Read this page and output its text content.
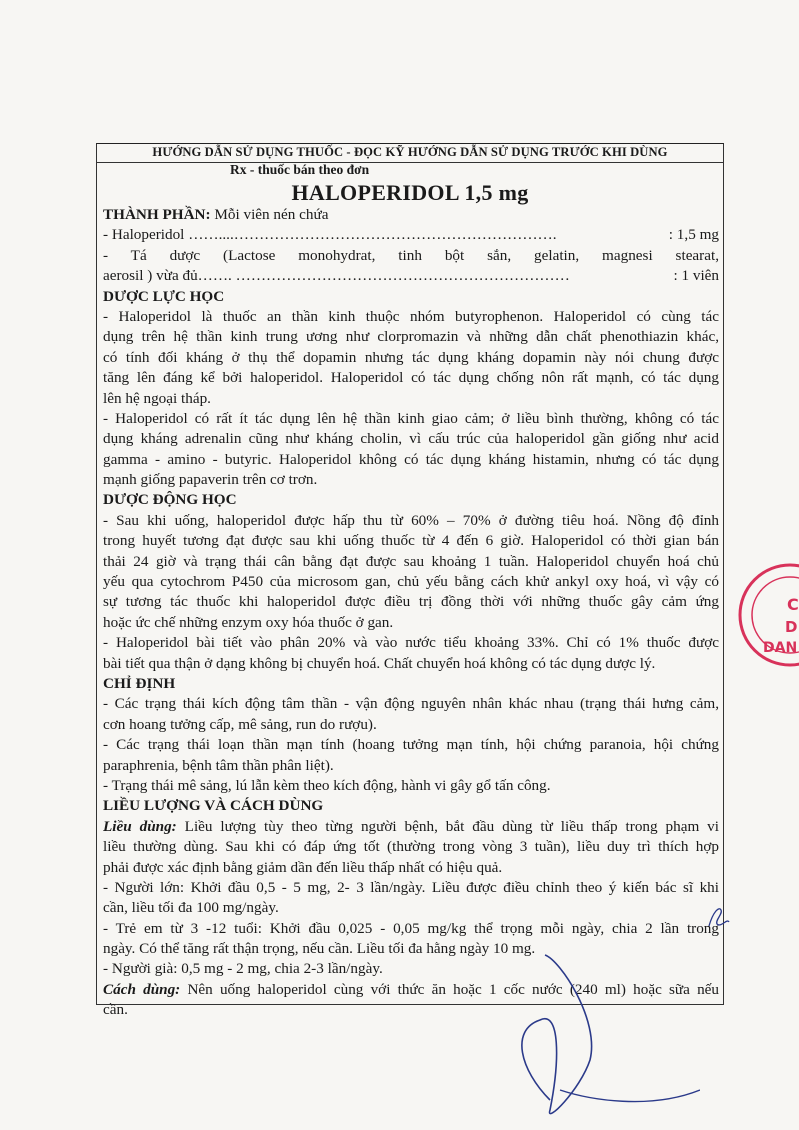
HƯỚNG DẪN SỬ DỤNG THUỐC - ĐỌC KỸ HƯỚNG DẪN SỬ DỤNG TRƯỚC KHI DÙNG
Rx - thuốc bán theo đơn
HALOPERIDOL 1,5 mg
THÀNH PHẦN: Mỗi viên nén chứa
- Haloperidol ……....……………………………………………………….	: 1,5 mg
- Tá dược (Lactose monohydrat, tinh bột sắn, gelatin, magnesi stearat,
aerosil ) vừa đủ……. …………………………………………………………	: 1 viên
DƯỢC LỰC HỌC
- Haloperidol là thuốc an thần kinh thuộc nhóm butyrophenon. Haloperidol có cùng tác
dụng trên hệ thần kinh trung ương như clorpromazin và những dẫn chất phenothiazin khác,
có tính đối kháng ở thụ thể dopamin nhưng tác dụng kháng dopamin này nói chung được
tăng lên đáng kể bởi haloperidol. Haloperidol có tác dụng chống nôn rất mạnh, có tác dụng
lên hệ ngoại tháp.
- Haloperidol có rất ít tác dụng lên hệ thần kinh giao cảm; ở liều bình thường, không có tác
dụng kháng adrenalin cũng như kháng cholin, vì cấu trúc của haloperidol gần giống như acid
gamma - amino - butyric. Haloperidol không có tác dụng kháng histamin, nhưng có tác dụng
mạnh giống papaverin trên cơ trơn.
DƯỢC ĐỘNG HỌC
- Sau khi uống, haloperidol được hấp thu từ 60% – 70% ở đường tiêu hoá. Nồng độ đỉnh
trong huyết tương đạt được sau khi uống thuốc từ 4 đến 6 giờ. Haloperidol có thời gian bán
thải 24 giờ và trạng thái cân bằng đạt được sau khoảng 1 tuần. Haloperidol chuyển hoá chủ
yếu qua cytochrom P450 của microsom gan, chủ yếu bằng cách khử ankyl oxy hoá, vì vậy có
sự tương tác thuốc khi haloperidol được điều trị đồng thời với những thuốc gây cảm ứng
hoặc ức chế những enzym oxy hóa thuốc ở gan.
- Haloperidol bài tiết vào phân 20% và vào nước tiểu khoảng 33%. Chỉ có 1% thuốc được
bài tiết qua thận ở dạng không bị chuyển hoá. Chất chuyển hoá không có tác dụng dược lý.
CHỈ ĐỊNH
- Các trạng thái kích động tâm thần - vận động nguyên nhân khác nhau (trạng thái hưng cảm,
cơn hoang tưởng cấp, mê sảng, run do rượu).
- Các trạng thái loạn thần mạn tính (hoang tưởng mạn tính, hội chứng paranoia, hội chứng
paraphrenia, bệnh tâm thần phân liệt).
- Trạng thái mê sảng, lú lẫn kèm theo kích động, hành vi gây gổ tấn công.
LIỀU LƯỢNG VÀ CÁCH DÙNG
Liều dùng: Liều lượng tùy theo từng người bệnh, bắt đầu dùng từ liều thấp trong phạm vi
liều thường dùng. Sau khi có đáp ứng tốt (thường trong vòng 3 tuần), liều duy trì thích hợp
phải được xác định bằng giảm dần đến liều thấp nhất có hiệu quả.
- Người lớn: Khởi đầu 0,5 - 5 mg, 2- 3 lần/ngày. Liều được điều chỉnh theo ý kiến bác sĩ khi
cần, liều tối đa 100 mg/ngày.
- Trẻ em từ 3 -12 tuổi: Khởi đầu 0,025 - 0,05 mg/kg thể trọng mỗi ngày, chia 2 lần trong
ngày. Có thể tăng rất thận trọng, nếu cần. Liều tối đa hằng ngày 10 mg.
- Người già: 0,5 mg - 2 mg, chia 2-3 lần/ngày.
Cách dùng: Nên uống haloperidol cùng với thức ăn hoặc 1 cốc nước (240 ml) hoặc sữa nếu
cần.
C
D
DAN
